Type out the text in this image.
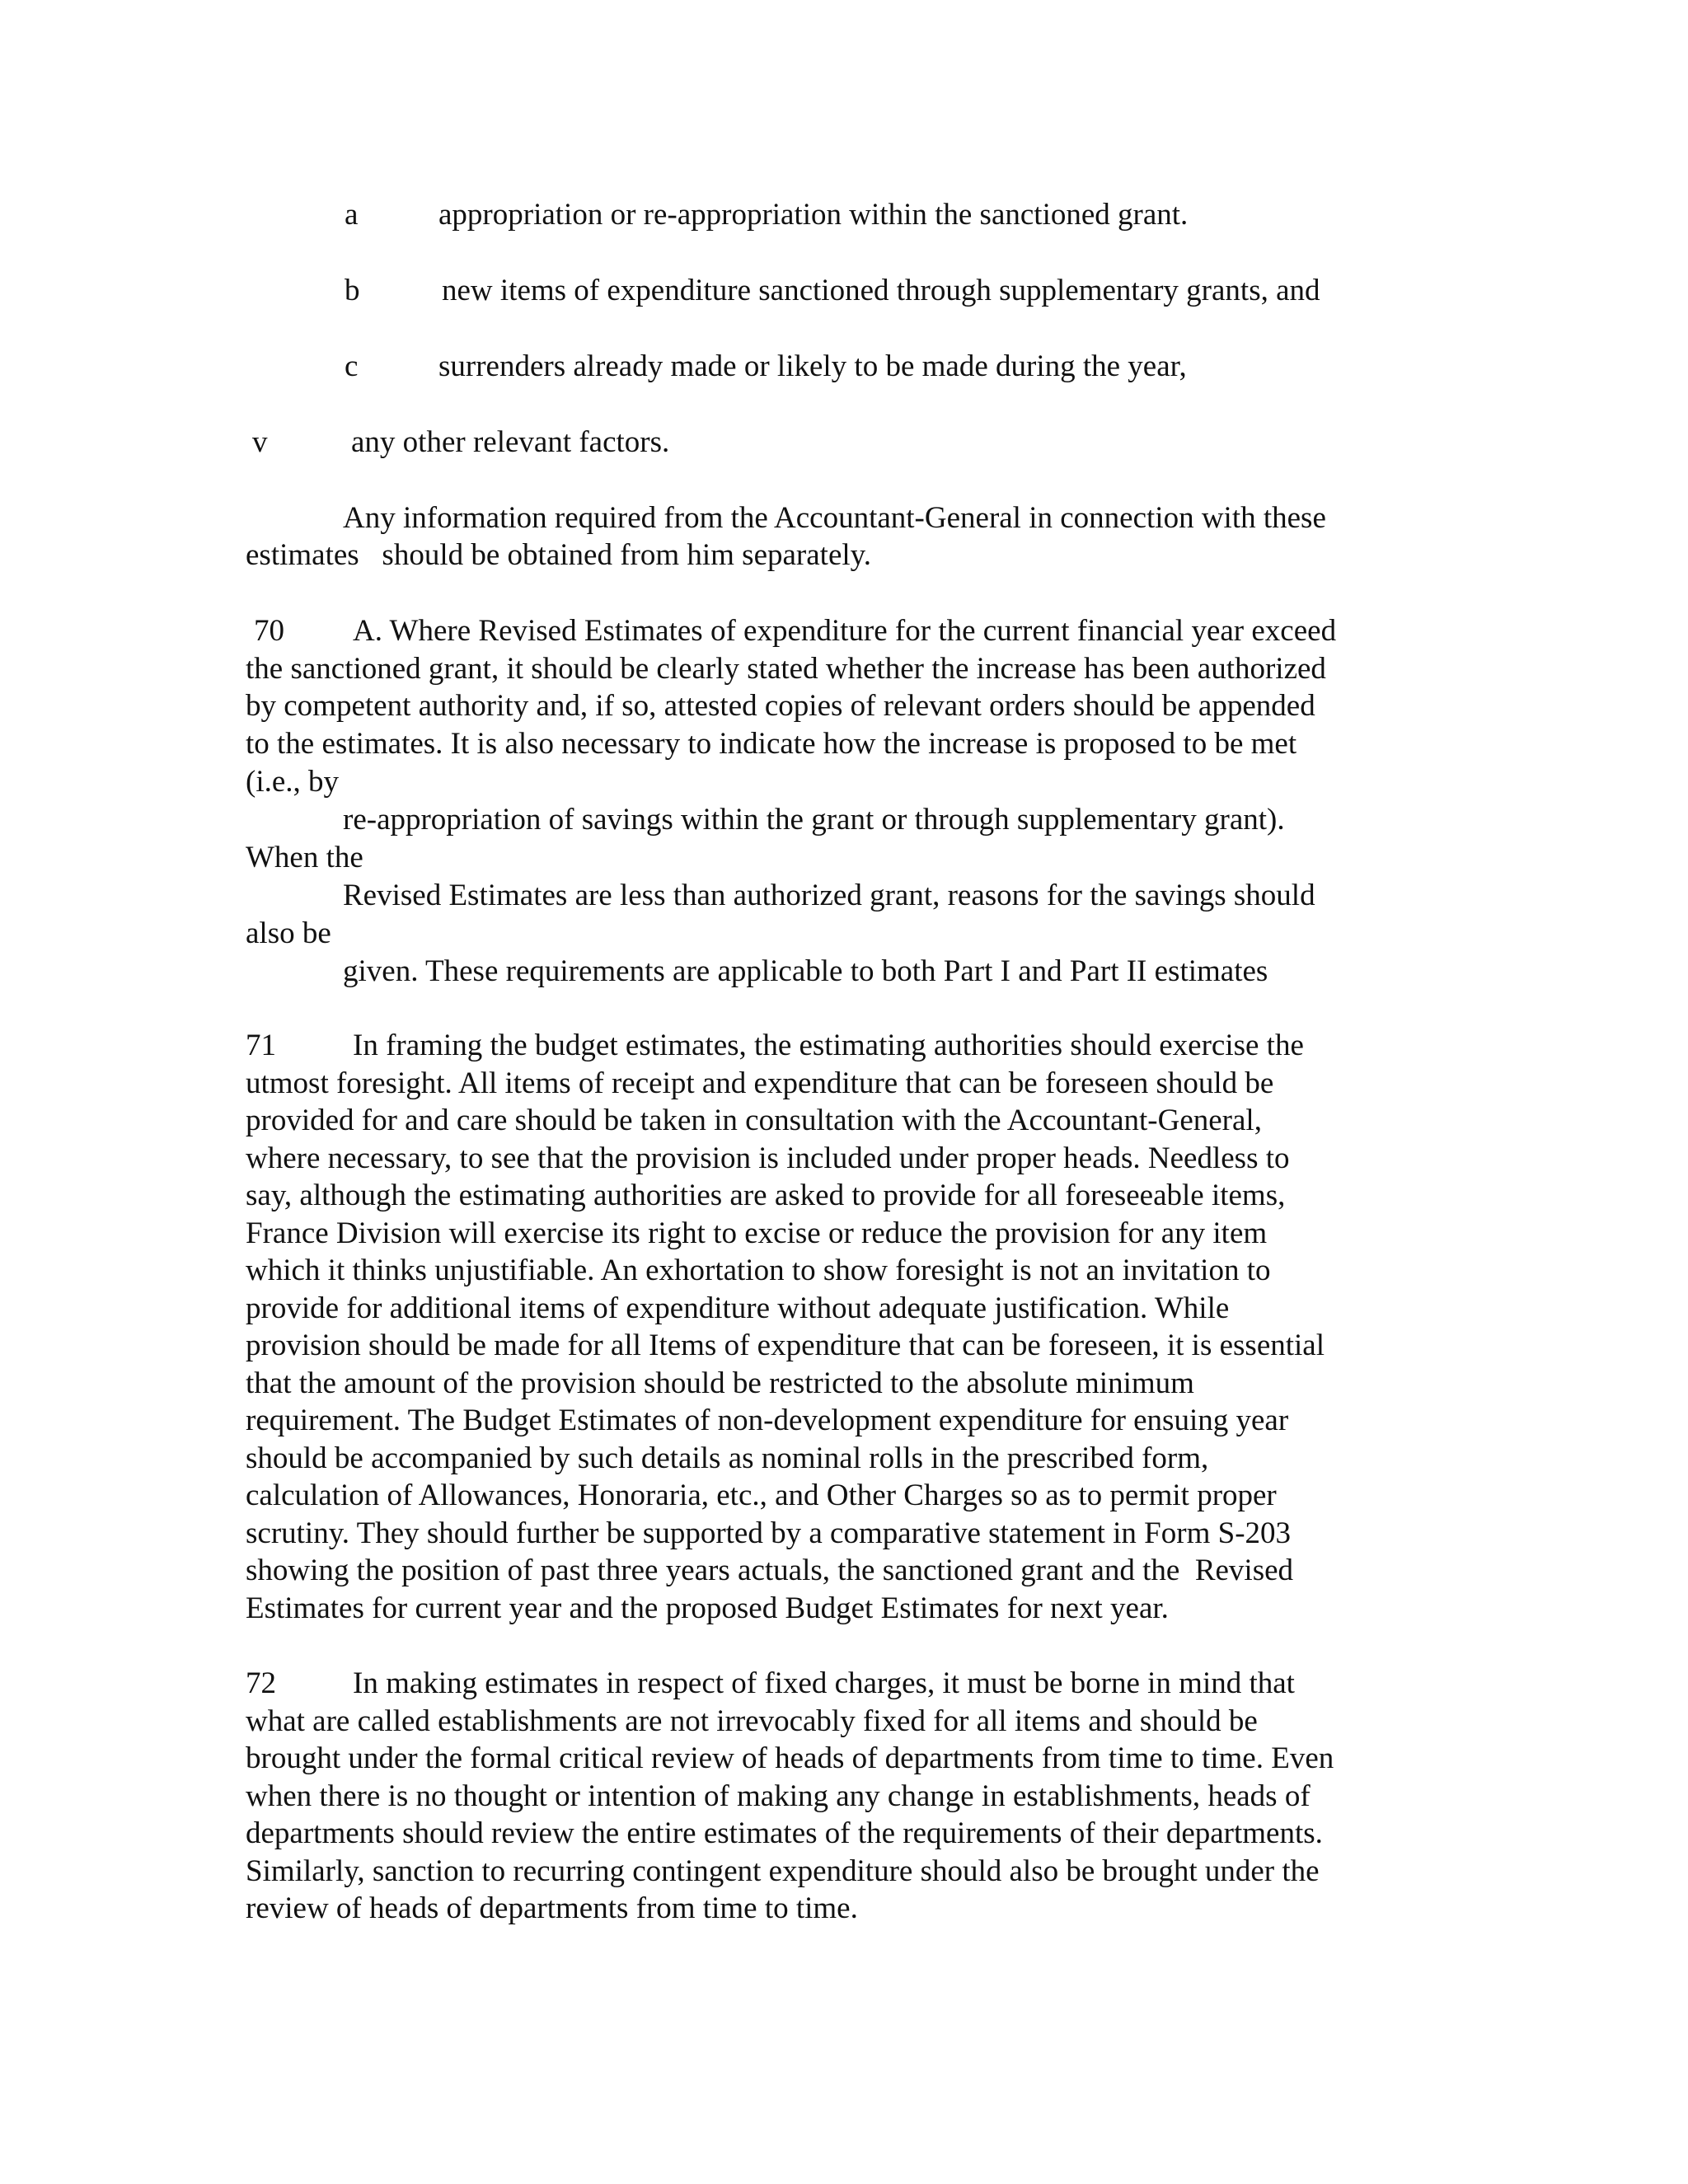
a	appropriation or re-appropriation within the sanctioned grant.
b	new items of expenditure sanctioned through supplementary grants, and
c	surrenders already made or likely to be made during the year,
v	any other relevant factors.
Any information required from the Accountant-General in connection with these
estimates   should be obtained from him separately.
70 A. Where Revised Estimates of expenditure for the current financial year exceed
the sanctioned grant, it should be clearly stated whether the increase has been authorized
by competent authority and, if so, attested copies of relevant orders should be appended
to the estimates. It is also necessary to indicate how the increase is proposed to be met
(i.e., by
re-appropriation of savings within the grant or through supplementary grant).
When the
Revised Estimates are less than authorized grant, reasons for the savings should
also be
given. These requirements are applicable to both Part I and Part II estimates
71	In framing the budget estimates, the estimating authorities should exercise the
utmost foresight. All items of receipt and expenditure that can be foreseen should be
provided for and care should be taken in consultation with the Accountant-General,
where necessary, to see that the provision is included under proper heads. Needless to
say, although the estimating authorities are asked to provide for all foreseeable items,
France Division will exercise its right to excise or reduce the provision for any item
which it thinks unjustifiable. An exhortation to show foresight is not an invitation to
provide for additional items of expenditure without adequate justification. While
provision should be made for all Items of expenditure that can be foreseen, it is essential
that the amount of the provision should be restricted to the absolute minimum
requirement. The Budget Estimates of non-development expenditure for ensuing year
should be accompanied by such details as nominal rolls in the prescribed form,
calculation of Allowances, Honoraria, etc., and Other Charges so as to permit proper
scrutiny. They should further be supported by a comparative statement in Form S-203
showing the position of past three years actuals, the sanctioned grant and the  Revised
Estimates for current year and the proposed Budget Estimates for next year.
72	In making estimates in respect of fixed charges, it must be borne in mind that
what are called establishments are not irrevocably fixed for all items and should be
brought under the formal critical review of heads of departments from time to time. Even
when there is no thought or intention of making any change in establishments, heads of
departments should review the entire estimates of the requirements of their departments.
Similarly, sanction to recurring contingent expenditure should also be brought under the
review of heads of departments from time to time.
